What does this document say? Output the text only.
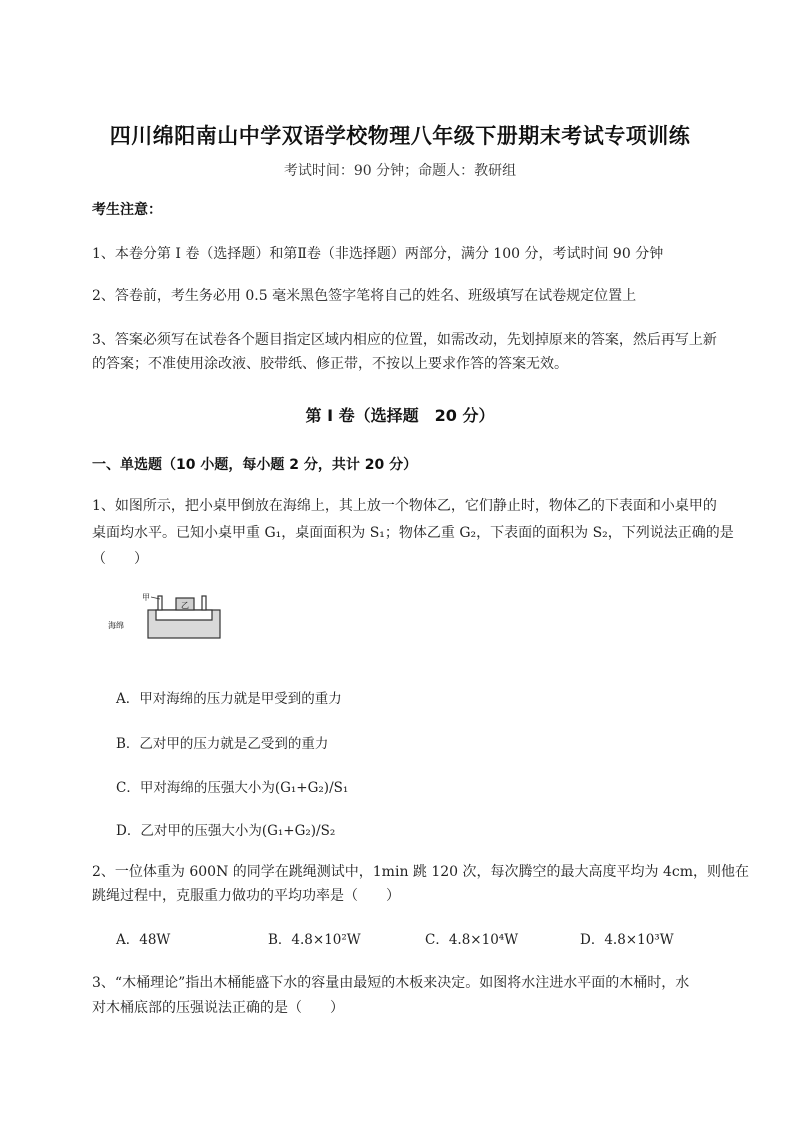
四川绵阳南山中学双语学校物理八年级下册期末考试专项训练
考试时间：90 分钟；命题人：教研组
考生注意：
1、本卷分第 I 卷（选择题）和第Ⅱ卷（非选择题）两部分，满分 100 分，考试时间 90 分钟
2、答卷前，考生务必用 0.5 毫米黑色签字笔将自己的姓名、班级填写在试卷规定位置上
3、答案必须写在试卷各个题目指定区域内相应的位置，如需改动，先划掉原来的答案，然后再写上新
的答案；不准使用涂改液、胶带纸、修正带，不按以上要求作答的答案无效。
第 I 卷（选择题　20 分）
一、单选题（10 小题，每小题 2 分，共计 20 分）
1、如图所示，把小桌甲倒放在海绵上，其上放一个物体乙，它们静止时，物体乙的下表面和小桌甲的
桌面均水平。已知小桌甲重 G₁，桌面面积为 S₁；物体乙重 G₂，下表面的面积为 S₂，下列说法正确的是
（　　）
乙
甲
海绵
A．甲对海绵的压力就是甲受到的重力
B．乙对甲的压力就是乙受到的重力
C．甲对海绵的压强大小为(G₁+G₂)/S₁
D．乙对甲的压强大小为(G₁+G₂)/S₂
2、一位体重为 600N 的同学在跳绳测试中，1min 跳 120 次，每次腾空的最大高度平均为 4cm，则他在
跳绳过程中，克服重力做功的平均功率是（　　）
A．48W	B．4.8×10²W	C．4.8×10⁴W	D．4.8×10³W
3、“木桶理论”指出木桶能盛下水的容量由最短的木板来决定。如图将水注进水平面的木桶时，水
对木桶底部的压强说法正确的是（　　）
